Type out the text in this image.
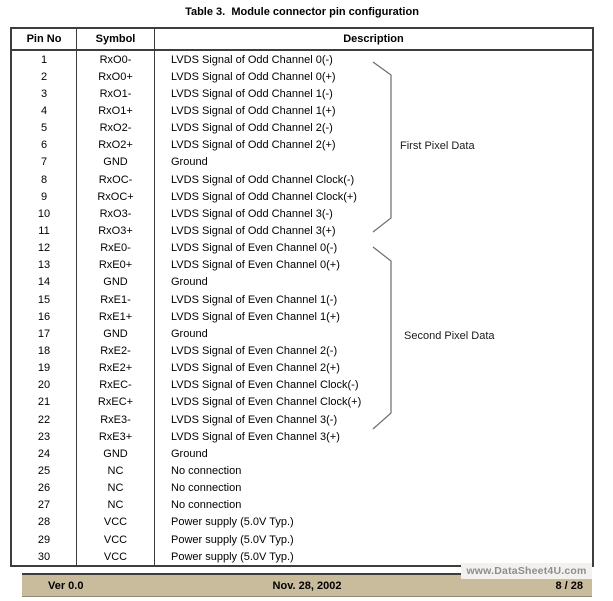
Table 3.  Module connector pin configuration
Pin No	Symbol	Description
1	RxO0-	LVDS Signal of Odd Channel 0(-)
2	RxO0+	LVDS Signal of Odd Channel 0(+)
3	RxO1-	LVDS Signal of Odd Channel 1(-)
4	RxO1+	LVDS Signal of Odd Channel 1(+)
5	RxO2-	LVDS Signal of Odd Channel 2(-)
6	RxO2+	LVDS Signal of Odd Channel 2(+)
7	GND	Ground
8	RxOC-	LVDS Signal of Odd Channel Clock(-)
9	RxOC+	LVDS Signal of Odd Channel Clock(+)
10	RxO3-	LVDS Signal of Odd Channel 3(-)
11	RxO3+	LVDS Signal of Odd Channel 3(+)
12	RxE0-	LVDS Signal of Even Channel 0(-)
13	RxE0+	LVDS Signal of Even Channel 0(+)
14	GND	Ground
15	RxE1-	LVDS Signal of Even Channel 1(-)
16	RxE1+	LVDS Signal of Even Channel 1(+)
17	GND	Ground
18	RxE2-	LVDS Signal of Even Channel 2(-)
19	RxE2+	LVDS Signal of Even Channel 2(+)
20	RxEC-	LVDS Signal of Even Channel Clock(-)
21	RxEC+	LVDS Signal of Even Channel Clock(+)
22	RxE3-	LVDS Signal of Even Channel 3(-)
23	RxE3+	LVDS Signal of Even Channel 3(+)
24	GND	Ground
25	NC	No connection
26	NC	No connection
27	NC	No connection
28	VCC	Power supply (5.0V Typ.)
29	VCC	Power supply (5.0V Typ.)
30	VCC	Power supply (5.0V Typ.)
First Pixel Data
Second Pixel Data
www.DataSheet4U.com
Ver 0.0	Nov. 28, 2002	8 / 28
